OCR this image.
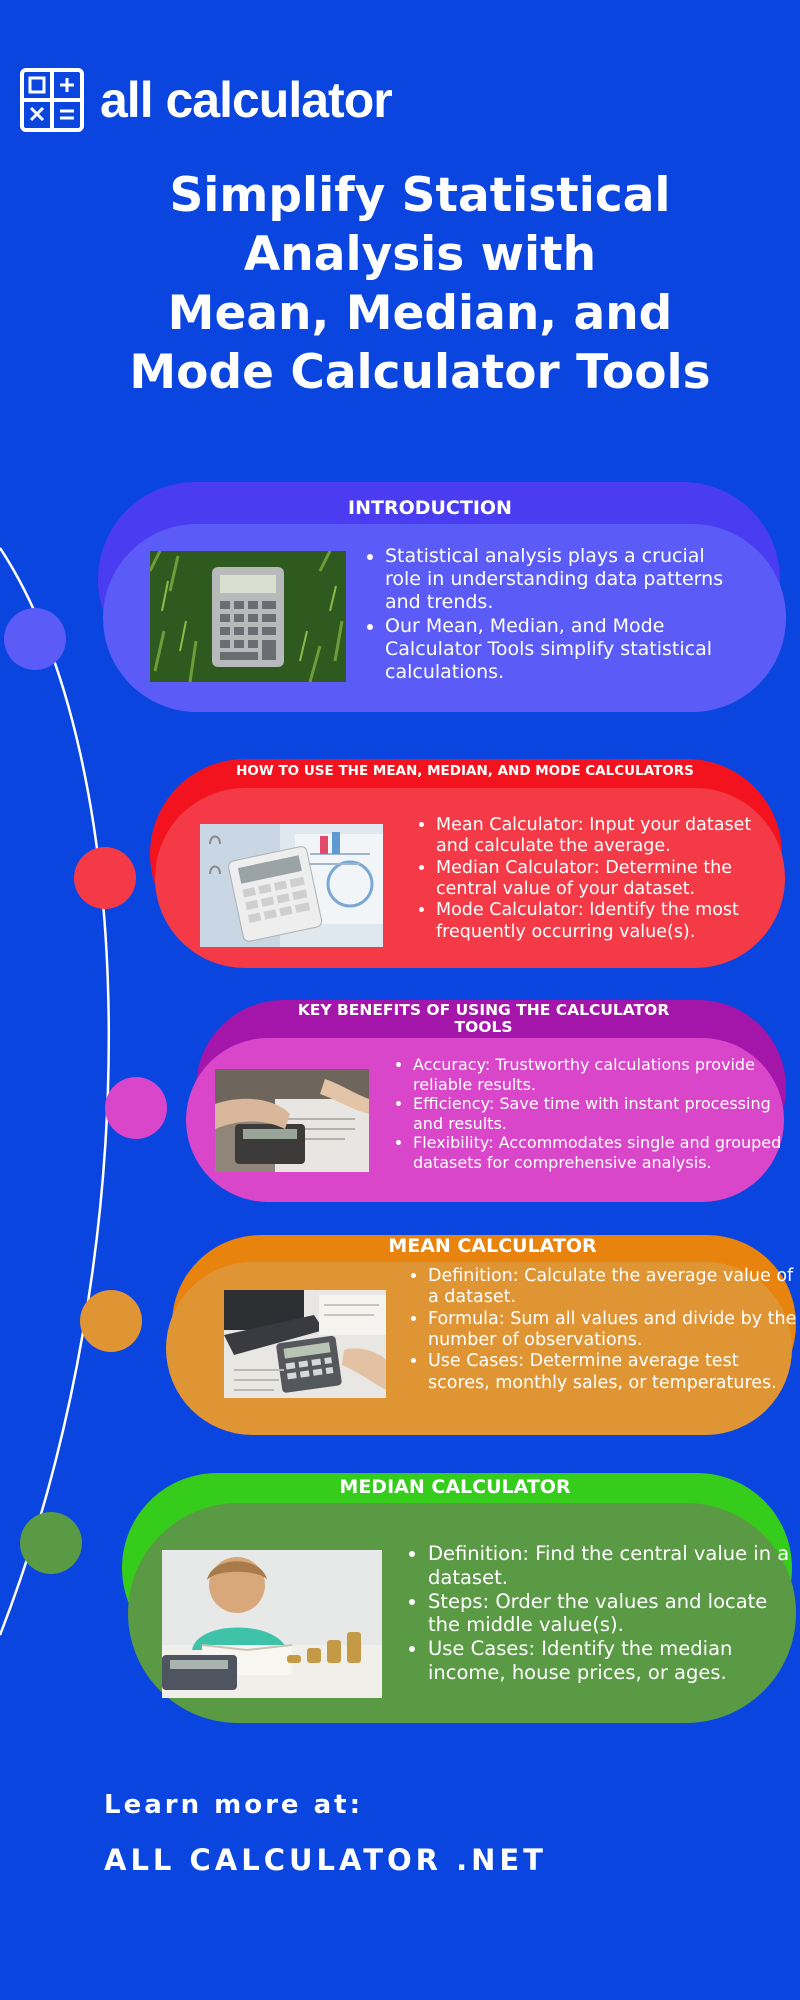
all calculator
Simplify Statistical
Analysis with
Mean, Median, and
Mode Calculator Tools
INTRODUCTION
• Statistical analysis plays a crucial role in understanding data patterns and trends.
• Our Mean, Median, and Mode Calculator Tools simplify statistical calculations.
HOW TO USE THE MEAN, MEDIAN, AND MODE CALCULATORS
• Mean Calculator: Input your dataset and calculate the average.
• Median Calculator: Determine the central value of your dataset.
• Mode Calculator: Identify the most frequently occurring value(s).
KEY BENEFITS OF USING THE CALCULATOR TOOLS
• Accuracy: Trustworthy calculations provide reliable results.
• Efficiency: Save time with instant processing and results.
• Flexibility: Accommodates single and grouped datasets for comprehensive analysis.
MEAN CALCULATOR
• Definition: Calculate the average value of a dataset.
• Formula: Sum all values and divide by the number of observations.
• Use Cases: Determine average test scores, monthly sales, or temperatures.
MEDIAN CALCULATOR
• Definition: Find the central value in a dataset.
• Steps: Order the values and locate the middle value(s).
• Use Cases: Identify the median income, house prices, or ages.
Learn more at:
ALL CALCULATOR .NET
